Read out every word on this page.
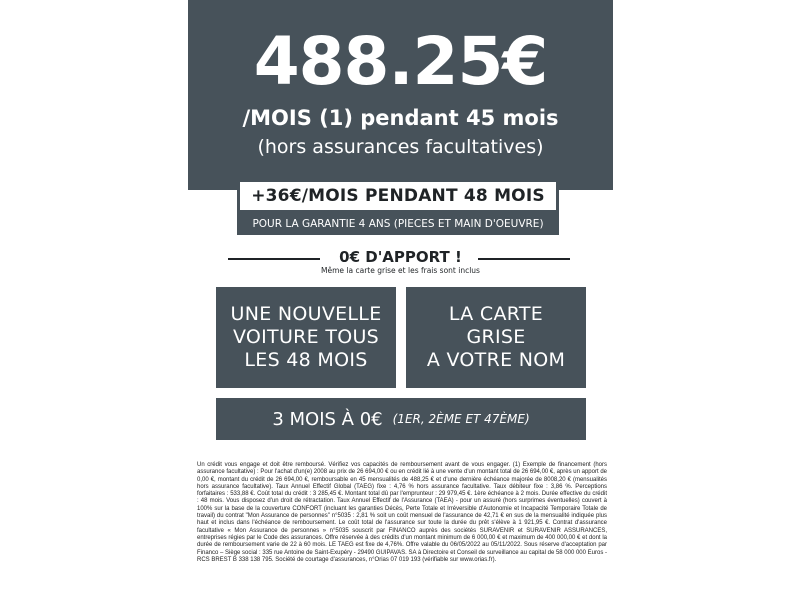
488.25€
/MOIS (1) pendant 45 mois
(hors assurances facultatives)
+36€/MOIS PENDANT 48 MOIS
POUR LA GARANTIE 4 ANS (PIECES ET MAIN D'OEUVRE)
0€ D'APPORT !
Même la carte grise et les frais sont inclus
UNE NOUVELLE
VOITURE TOUS
LES 48 MOIS
LA CARTE
GRISE
A VOTRE NOM
3 MOIS À 0€ (1ER, 2ÈME ET 47ÈME)
Un crédit vous engage et doit être remboursé. Vérifiez vos capacités de remboursement avant de vous engager. (1) Exemple de financement (hors assurance facultative) : Pour l'achat d'un(e) 2008 au prix de 26 694,00 € ou en crédit lié à une vente d'un montant total de 26 694,00 €, après un apport de 0,00 €, montant du crédit de 26 694,00 €, remboursable en 45 mensualités de 488,25 € et d'une dernière échéance majorée de 8008,20 € (mensualités hors assurance facultative). Taux Annuel Effectif Global (TAEG) fixe : 4,76 % hors assurance facultative. Taux débiteur fixe : 3,86 %. Perceptions forfaitaires : 533,88 €. Coût total du crédit : 3 285,45 €. Montant total dû par l'emprunteur : 29 979,45 €. 1ère échéance à 2 mois. Durée effective du crédit : 48 mois. Vous disposez d'un droit de rétractation. Taux Annuel Effectif de l'Assurance (TAEA) - pour un assuré (hors surprimes éventuelles) couvert à 100% sur la base de la couverture CONFORT (incluant les garanties Décès, Perte Totale et Irréversible d'Autonomie et Incapacité Temporaire Totale de travail) du contrat "Mon Assurance de personnes" n°5035 : 2,81 % soit un coût mensuel de l'assurance de 42,71 € en sus de la mensualité indiquée plus haut et inclus dans l'échéance de remboursement. Le coût total de l'assurance sur toute la durée du prêt s'élève à 1 921,95 €. Contrat d'assurance facultative « Mon Assurance de personnes » n°5035 souscrit par FINANCO auprès des sociétés SURAVENIR et SURAVENIR ASSURANCES, entreprises régies par le Code des assurances. Offre réservée à des crédits d'un montant minimum de 6 000,00 € et maximum de 400 000,00 € et dont la durée de remboursement varie de 22 à 60 mois. LE TAEG est fixe de 4,76%. Offre valable du 06/05/2022 au 05/11/2022. Sous réserve d'acceptation par Financo – Siège social : 335 rue Antoine de Saint-Exupéry - 29490 GUIPAVAS. SA à Directoire et Conseil de surveillance au capital de 58 000 000 Euros - RCS BREST B 338 138 795. Société de courtage d'assurances, n°Orias 07 019 193 (vérifiable sur www.orias.fr).
